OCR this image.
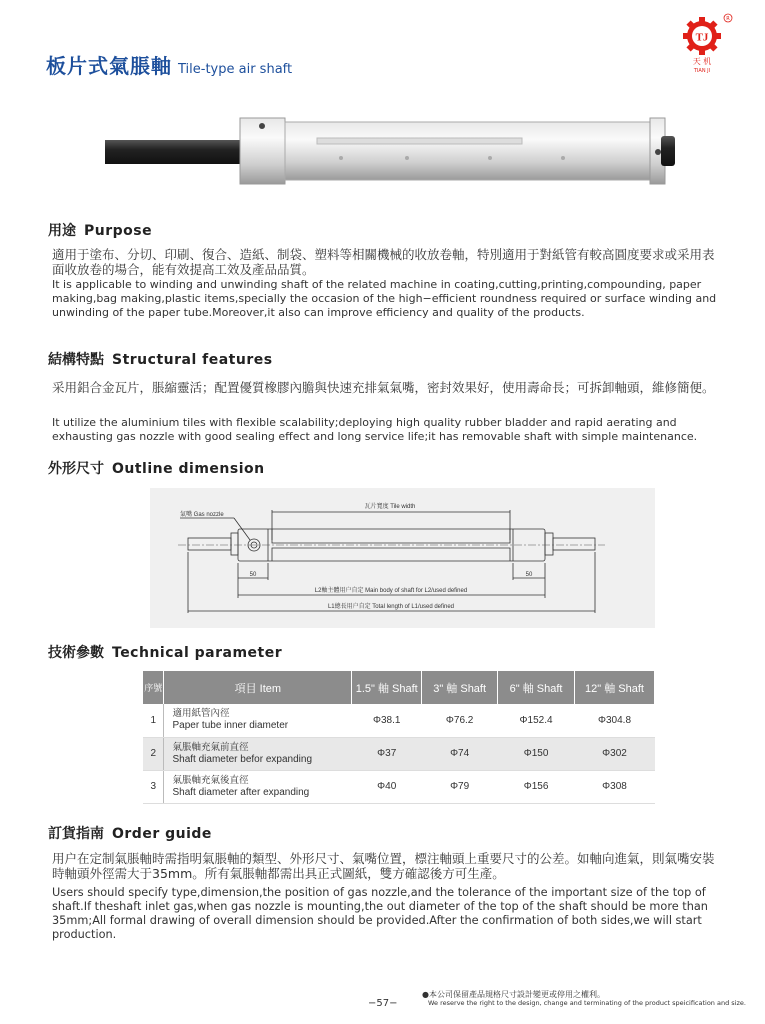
板片式氣脹軸 Tile-type air shaft
TJ
R
天 机
TIAN JI
用途 Purpose
適用于塗布、分切、印刷、復合、造紙、制袋、塑料等相關機械的收放卷軸，特別適用于對紙管有較高圓度要求或采用表面收放卷的場合，能有效提高工效及產品品質。
It is applicable to winding and unwinding shaft of the related machine in coating,cutting,printing,compounding, paper making,bag making,plastic items,specially the occasion of the high−efficient roundness required or surface winding and unwinding of the paper tube.Moreover,it also can improve efficiency and quality of the products.
結構特點 Structural features
采用鋁合金瓦片，脹縮靈活；配置優質橡膠內膽與快速充排氣氣嘴，密封效果好，使用壽命長；可拆卸軸頭，維修簡便。
It utilize the aluminium tiles with flexible scalability;deploying high quality rubber bladder and rapid aerating and exhausting gas nozzle with good sealing effect and long service life;it has removable shaft with simple maintenance.
外形尺寸 Outline dimension
瓦片寬度 Tile width
氣嘴 Gas nozzle
50	50
L2軸主體用户自定 Main body of shaft for L2/used defined
L1總長用户自定 Total length of L1/used defined
技術參數 Technical parameter
序號	項目 Item	1.5" 軸 Shaft	3" 軸 Shaft	6" 軸 Shaft	12" 軸 Shaft
1	適用紙管內徑
Paper tube inner diameter	Φ38.1	Φ76.2	Φ152.4	Φ304.8
2	氣脹軸充氣前直徑
Shaft diameter befor expanding	Φ37	Φ74	Φ150	Φ302
3	氣脹軸充氣後直徑
Shaft diameter after expanding	Φ40	Φ79	Φ156	Φ308
訂貨指南 Order guide
用户在定制氣脹軸時需指明氣脹軸的類型、外形尺寸、氣嘴位置，標注軸頭上重要尺寸的公差。如軸向進氣，則氣嘴安裝時軸頭外徑需大于35mm。所有氣脹軸都需出具正式圖紙，雙方確認後方可生產。
Users should specify type,dimension,the position of gas nozzle,and the tolerance of the important size of the top of shaft.If theshaft inlet gas,when gas nozzle is mounting,the out diameter of the top of the shaft should be more than 35mm;All formal drawing of overall dimension should be provided.After the confirmation of both sides,we will start production.
−57−
●本公司保留產品規格尺寸設計變更或停用之權利。
We reserve the right to the design, change and terminating of the product speicification and size.
